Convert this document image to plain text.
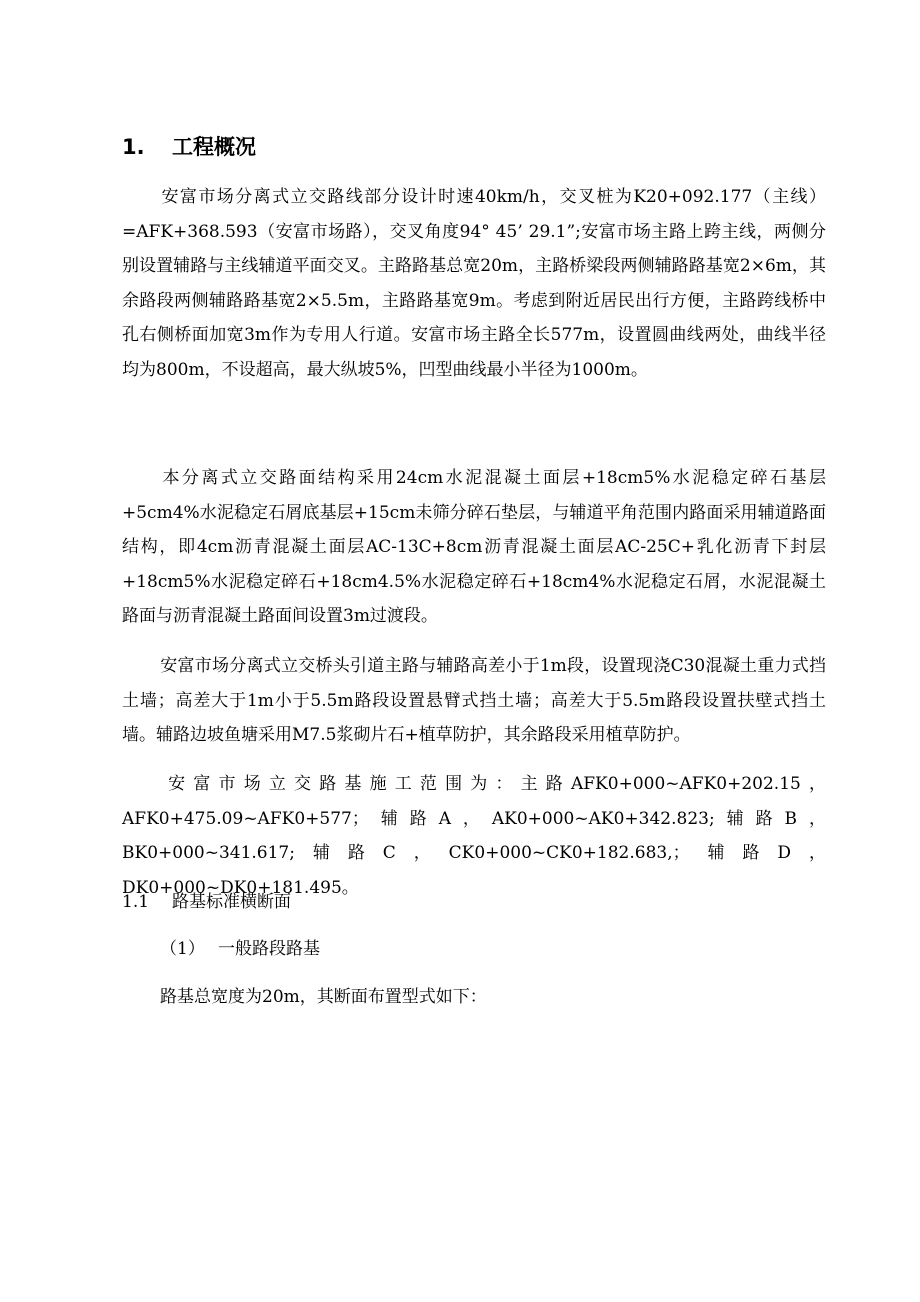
1. 工程概况

安富市场分离式立交路线部分设计时速40km/h，交叉桩为K20+092.177（主线）=AFK+368.593（安富市场路），交叉角度94° 45’ 29.1”;安富市场主路上跨主线，两侧分别设置辅路与主线辅道平面交叉。主路路基总宽20m，主路桥梁段两侧辅路路基宽2×6m，其余路段两侧辅路路基宽2×5.5m，主路路基宽9m。考虑到附近居民出行方便，主路跨线桥中孔右侧桥面加宽3m作为专用人行道。安富市场主路全长577m，设置圆曲线两处，曲线半径均为800m，不设超高，最大纵坡5%，凹型曲线最小半径为1000m。

本分离式立交路面结构采用24cm水泥混凝土面层+18cm5%水泥稳定碎石基层+5cm4%水泥稳定石屑底基层+15cm未筛分碎石垫层，与辅道平角范围内路面采用辅道路面结构，即4cm沥青混凝土面层AC-13C+8cm沥青混凝土面层AC-25C+乳化沥青下封层+18cm5%水泥稳定碎石+18cm4.5%水泥稳定碎石+18cm4%水泥稳定石屑，水泥混凝土路面与沥青混凝土路面间设置3m过渡段。

安富市场分离式立交桥头引道主路与辅路高差小于1m段，设置现浇C30混凝土重力式挡土墙；高差大于1m小于5.5m路段设置悬臂式挡土墙；高差大于5.5m路段设置扶壁式挡土墙。辅路边坡鱼塘采用M7.5浆砌片石+植草防护，其余路段采用植草防护。

安富市场立交路基施工范围为：主路AFK0+000~AFK0+202.15，AFK0+475.09~AFK0+577；辅路A，AK0+000~AK0+342.823;辅路B，BK0+000~341.617;辅路C，CK0+000~CK0+182.683,；辅路D，DK0+000~DK0+181.495。

1.1 路基标准横断面
（1） 一般路段路基
路基总宽度为20m，其断面布置型式如下：
